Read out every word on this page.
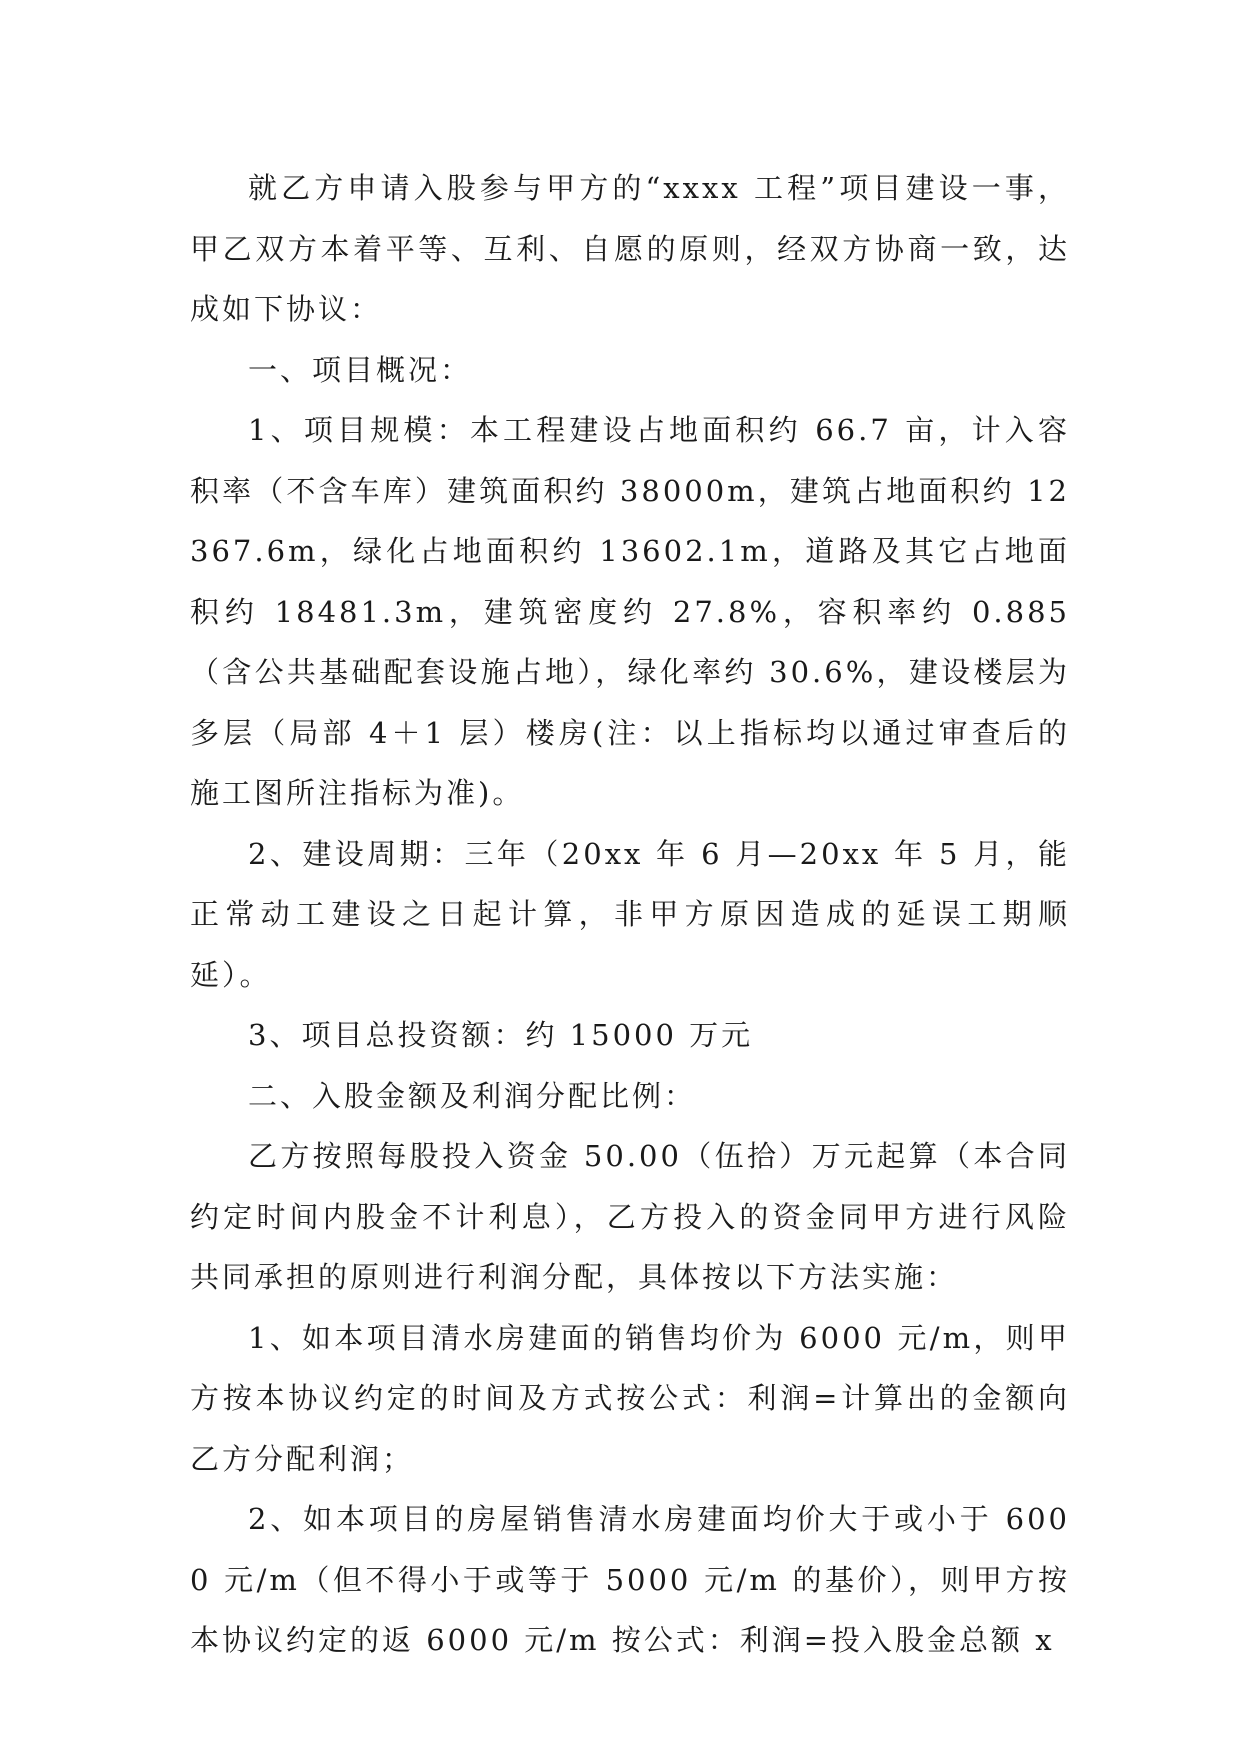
就乙方申请入股参与甲方的“xxxx 工程”项目建设一事，甲乙双方本着平等、互利、自愿的原则，经双方协商一致，达成如下协议：

一、项目概况：

1、项目规模：本工程建设占地面积约 66.7 亩，计入容积率（不含车库）建筑面积约 38000m，建筑占地面积约 12367.6m，绿化占地面积约 13602.1m，道路及其它占地面积约 18481.3m，建筑密度约 27.8%，容积率约 0.885（含公共基础配套设施占地），绿化率约 30.6%，建设楼层为多层（局部 4＋1 层）楼房(注：以上指标均以通过审查后的施工图所注指标为准)。

2、建设周期：三年（20xx 年 6 月—20xx 年 5 月，能正常动工建设之日起计算，非甲方原因造成的延误工期顺延）。

3、项目总投资额：约 15000 万元

二、入股金额及利润分配比例：

乙方按照每股投入资金 50.00（伍拾）万元起算（本合同约定时间内股金不计利息），乙方投入的资金同甲方进行风险共同承担的原则进行利润分配，具体按以下方法实施：

1、如本项目清水房建面的销售均价为 6000 元/m，则甲方按本协议约定的时间及方式按公式：利润=计算出的金额向乙方分配利润；

2、如本项目的房屋销售清水房建面均价大于或小于 6000 元/m（但不得小于或等于 5000 元/m 的基价），则甲方按本协议约定的返 6000 元/m 按公式：利润=投入股金总额 x
